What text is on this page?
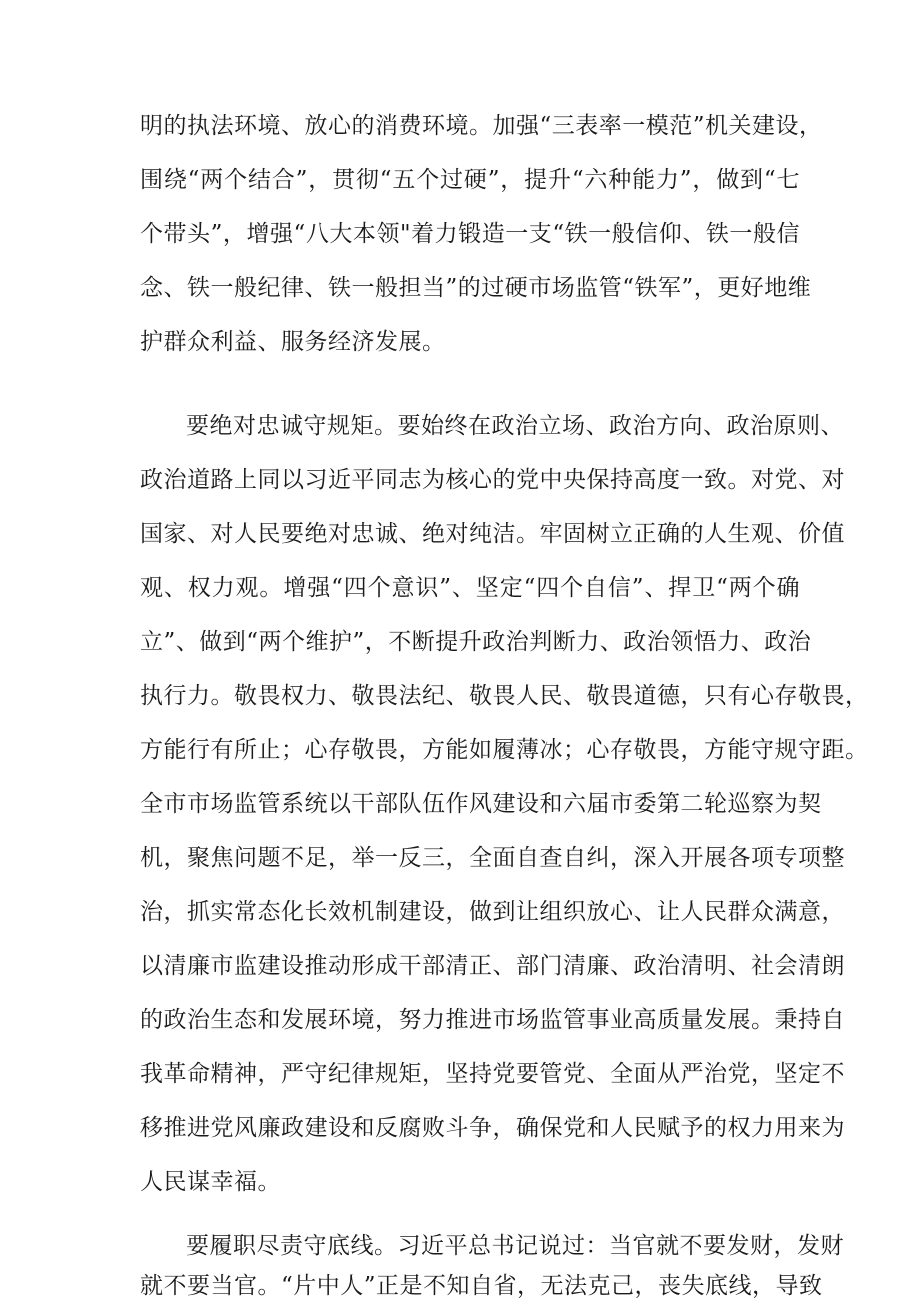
明的执法环境、放心的消费环境。加强“三表率一模范”机关建设，
围绕“两个结合”，贯彻“五个过硬”，提升“六种能力”，做到“七
个带头”，增强“八大本领"着力锻造一支“铁一般信仰、铁一般信
念、铁一般纪律、铁一般担当”的过硬市场监管“铁军”，更好地维
护群众利益、服务经济发展。
要绝对忠诚守规矩。要始终在政治立场、政治方向、政治原则、
政治道路上同以习近平同志为核心的党中央保持高度一致。对党、对
国家、对人民要绝对忠诚、绝对纯洁。牢固树立正确的人生观、价值
观、权力观。增强“四个意识”、坚定“四个自信”、捍卫“两个确
立”、做到“两个维护”，不断提升政治判断力、政治领悟力、政治
执行力。敬畏权力、敬畏法纪、敬畏人民、敬畏道德，只有心存敬畏，
方能行有所止；心存敬畏，方能如履薄冰；心存敬畏，方能守规守距。
全市市场监管系统以干部队伍作风建设和六届市委第二轮巡察为契
机，聚焦问题不足，举一反三，全面自查自纠，深入开展各项专项整
治，抓实常态化长效机制建设，做到让组织放心、让人民群众满意，
以清廉市监建设推动形成干部清正、部门清廉、政治清明、社会清朗
的政治生态和发展环境，努力推进市场监管事业高质量发展。秉持自
我革命精神，严守纪律规矩，坚持党要管党、全面从严治党，坚定不
移推进党风廉政建设和反腐败斗争，确保党和人民赋予的权力用来为
人民谋幸福。
要履职尽责守底线。习近平总书记说过：当官就不要发财，发财
就不要当官。“片中人”正是不知自省，无法克己，丧失底线，导致
